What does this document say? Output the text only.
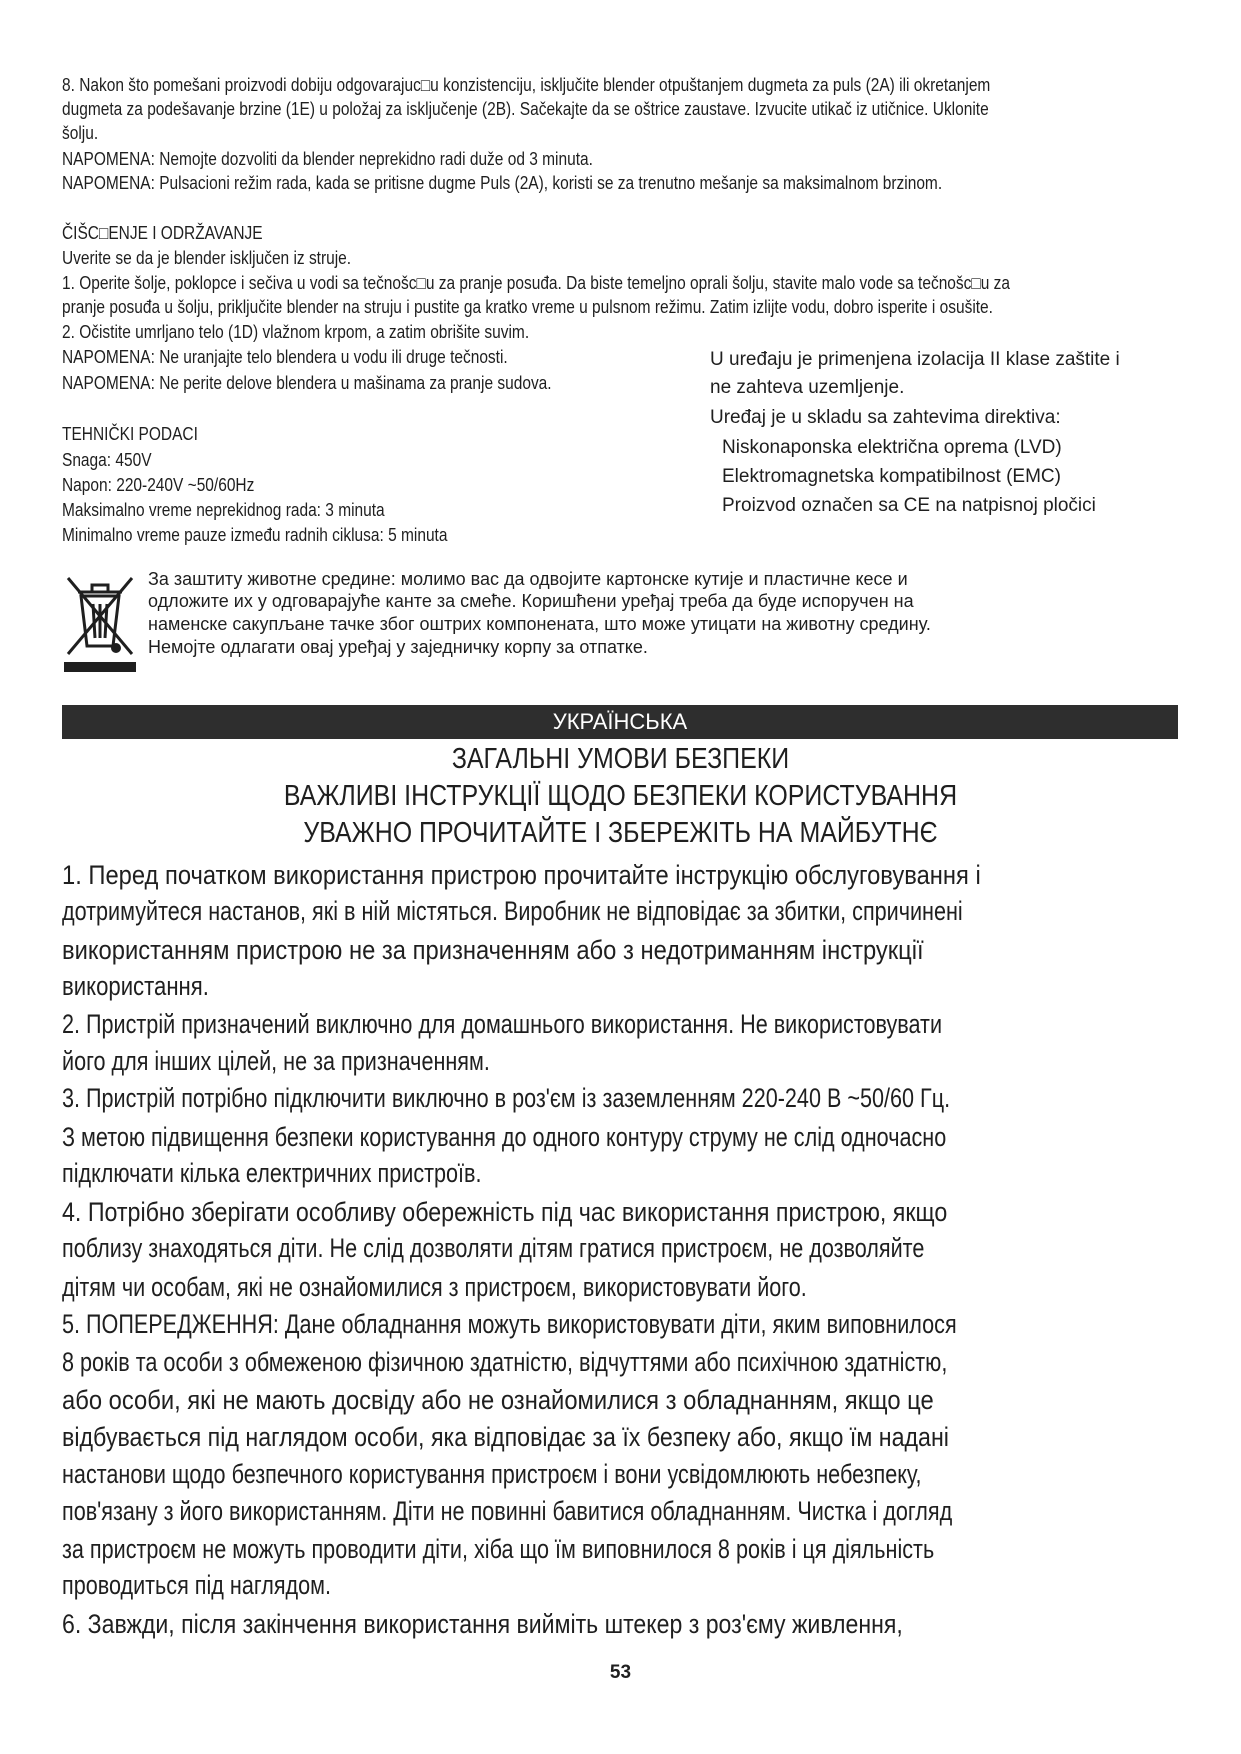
8. Nakon što pomešani proizvodi dobiju odgovarajuc□u konzistenciju, isključite blender otpuštanjem dugmeta za puls (2A) ili okretanjem
dugmeta za podešavanje brzine (1E) u položaj za isključenje (2B). Sačekajte da se oštrice zaustave. Izvucite utikač iz utičnice. Uklonite
šolju.
NAPOMENA: Nemojte dozvoliti da blender neprekidno radi duže od 3 minuta.
NAPOMENA: Pulsacioni režim rada, kada se pritisne dugme Puls (2A), koristi se za trenutno mešanje sa maksimalnom brzinom.
ČIŠC□ENJE I ODRŽAVANJE
Uverite se da je blender isključen iz struje.
1. Operite šolje, poklopce i sečiva u vodi sa tečnošc□u za pranje posuđa. Da biste temeljno oprali šolju, stavite malo vode sa tečnošc□u za
pranje posuđa u šolju, priključite blender na struju i pustite ga kratko vreme u pulsnom režimu. Zatim izlijte vodu, dobro isperite i osušite.
2. Očistite umrljano telo (1D) vlažnom krpom, a zatim obrišite suvim.
NAPOMENA: Ne uranjajte telo blendera u vodu ili druge tečnosti.
NAPOMENA: Ne perite delove blendera u mašinama za pranje sudova.
TEHNIČKI PODACI
Snaga: 450V
Napon: 220-240V ~50/60Hz
Maksimalno vreme neprekidnog rada: 3 minuta
Minimalno vreme pauze između radnih ciklusa: 5 minuta
U uređaju je primenjena izolacija II klase zaštite i
ne zahteva uzemljenje.
Uređaj je u skladu sa zahtevima direktiva:
Niskonaponska električna oprema (LVD)
Elektromagnetska kompatibilnost (EMC)
Proizvod označen sa CE na natpisnoj pločici
За заштиту животне средине: молимо вас да одвојите картонске кутије и пластичне кесе и
одложите их у одговарајуће канте за смеће. Коришћени уређај треба да буде испоручен на
наменске сакупљане тачке због оштрих компонената, што може утицати на животну средину.
Немојте одлагати овај уређај у заједничку корпу за отпатке.
УКРАЇНСЬКА
ЗАГАЛЬНІ УМОВИ БЕЗПЕКИ
ВАЖЛИВІ ІНСТРУКЦІЇ ЩОДО БЕЗПЕКИ КОРИСТУВАННЯ
УВАЖНО ПРОЧИТАЙТЕ І ЗБЕРЕЖІТЬ НА МАЙБУТНЄ
1. Перед початком використання пристрою прочитайте інструкцію обслуговування і
дотримуйтеся настанов, які в ній містяться. Виробник не відповідає за збитки, спричинені
використанням пристрою не за призначенням або з недотриманням інструкції
використання.
2. Пристрій призначений виключно для домашнього використання. Не використовувати
його для інших цілей, не за призначенням.
3. Пристрій потрібно підключити виключно в роз'єм із заземленням 220-240 В ~50/60 Гц.
З метою підвищення безпеки користування до одного контуру струму не слід одночасно
підключати кілька електричних пристроїв.
4. Потрібно зберігати особливу обережність під час використання пристрою, якщо
поблизу знаходяться діти. Не слід дозволяти дітям гратися пристроєм, не дозволяйте
дітям чи особам, які не ознайомилися з пристроєм, використовувати його.
5. ПОПЕРЕДЖЕННЯ: Дане обладнання можуть використовувати діти, яким виповнилося
8 років та особи з обмеженою фізичною здатністю, відчуттями або психічною здатністю,
або особи, які не мають досвіду або не ознайомилися з обладнанням, якщо це
відбувається під наглядом особи, яка відповідає за їх безпеку або, якщо їм надані
настанови щодо безпечного користування пристроєм і вони усвідомлюють небезпеку,
пов'язану з його використанням. Діти не повинні бавитися обладнанням. Чистка і догляд
за пристроєм не можуть проводити діти, хіба що їм виповнилося 8 років і ця діяльність
проводиться під наглядом.
6. Завжди, після закінчення використання вийміть штекер з роз'єму живлення,
53
